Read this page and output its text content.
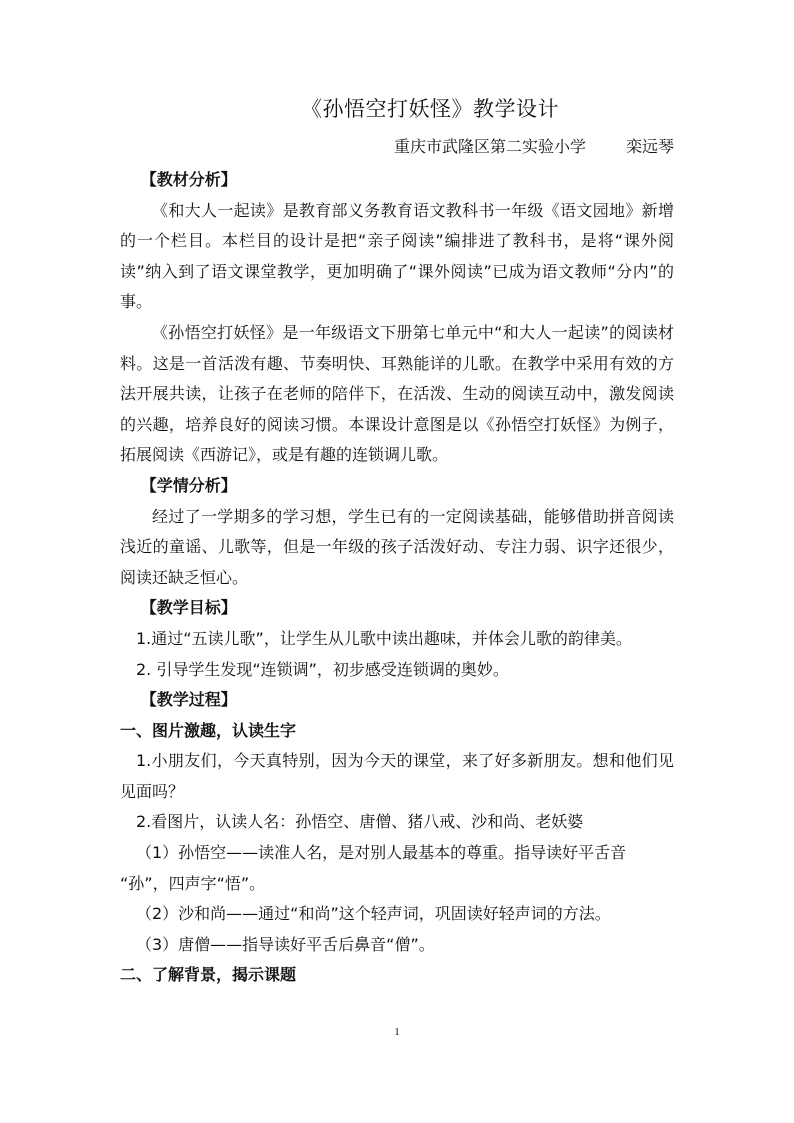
《孙悟空打妖怪》教学设计
重庆市武隆区第二实验小学	栾远琴

【教材分析】

《和大人一起读》是教育部义务教育语文教科书一年级《语文园地》新增的一个栏目。本栏目的设计是把“亲子阅读”编排进了教科书，是将“课外阅读”纳入到了语文课堂教学，更加明确了“课外阅读”已成为语文教师“分内”的事。

《孙悟空打妖怪》是一年级语文下册第七单元中“和大人一起读”的阅读材料。这是一首活泼有趣、节奏明快、耳熟能详的儿歌。在教学中采用有效的方法开展共读，让孩子在老师的陪伴下，在活泼、生动的阅读互动中，激发阅读的兴趣，培养良好的阅读习惯。本课设计意图是以《孙悟空打妖怪》为例子，拓展阅读《西游记》，或是有趣的连锁调儿歌。

【学情分析】

经过了一学期多的学习想，学生已有的一定阅读基础，能够借助拼音阅读浅近的童谣、儿歌等，但是一年级的孩子活泼好动、专注力弱、识字还很少，阅读还缺乏恒心。

【教学目标】

1.通过“五读儿歌”，让学生从儿歌中读出趣味，并体会儿歌的韵律美。

2. 引导学生发现“连锁调”，初步感受连锁调的奥妙。

【教学过程】

一、图片激趣，认读生字

1.小朋友们，今天真特别，因为今天的课堂，来了好多新朋友。想和他们见见面吗？

2.看图片，认读人名：孙悟空、唐僧、猪八戒、沙和尚、老妖婆

（1）孙悟空——读准人名，是对别人最基本的尊重。指导读好平舌音

“孙”，四声字“悟”。

（2）沙和尚——通过“和尚”这个轻声词，巩固读好轻声词的方法。

（3）唐僧——指导读好平舌后鼻音“僧”。

二、了解背景，揭示课题

1
